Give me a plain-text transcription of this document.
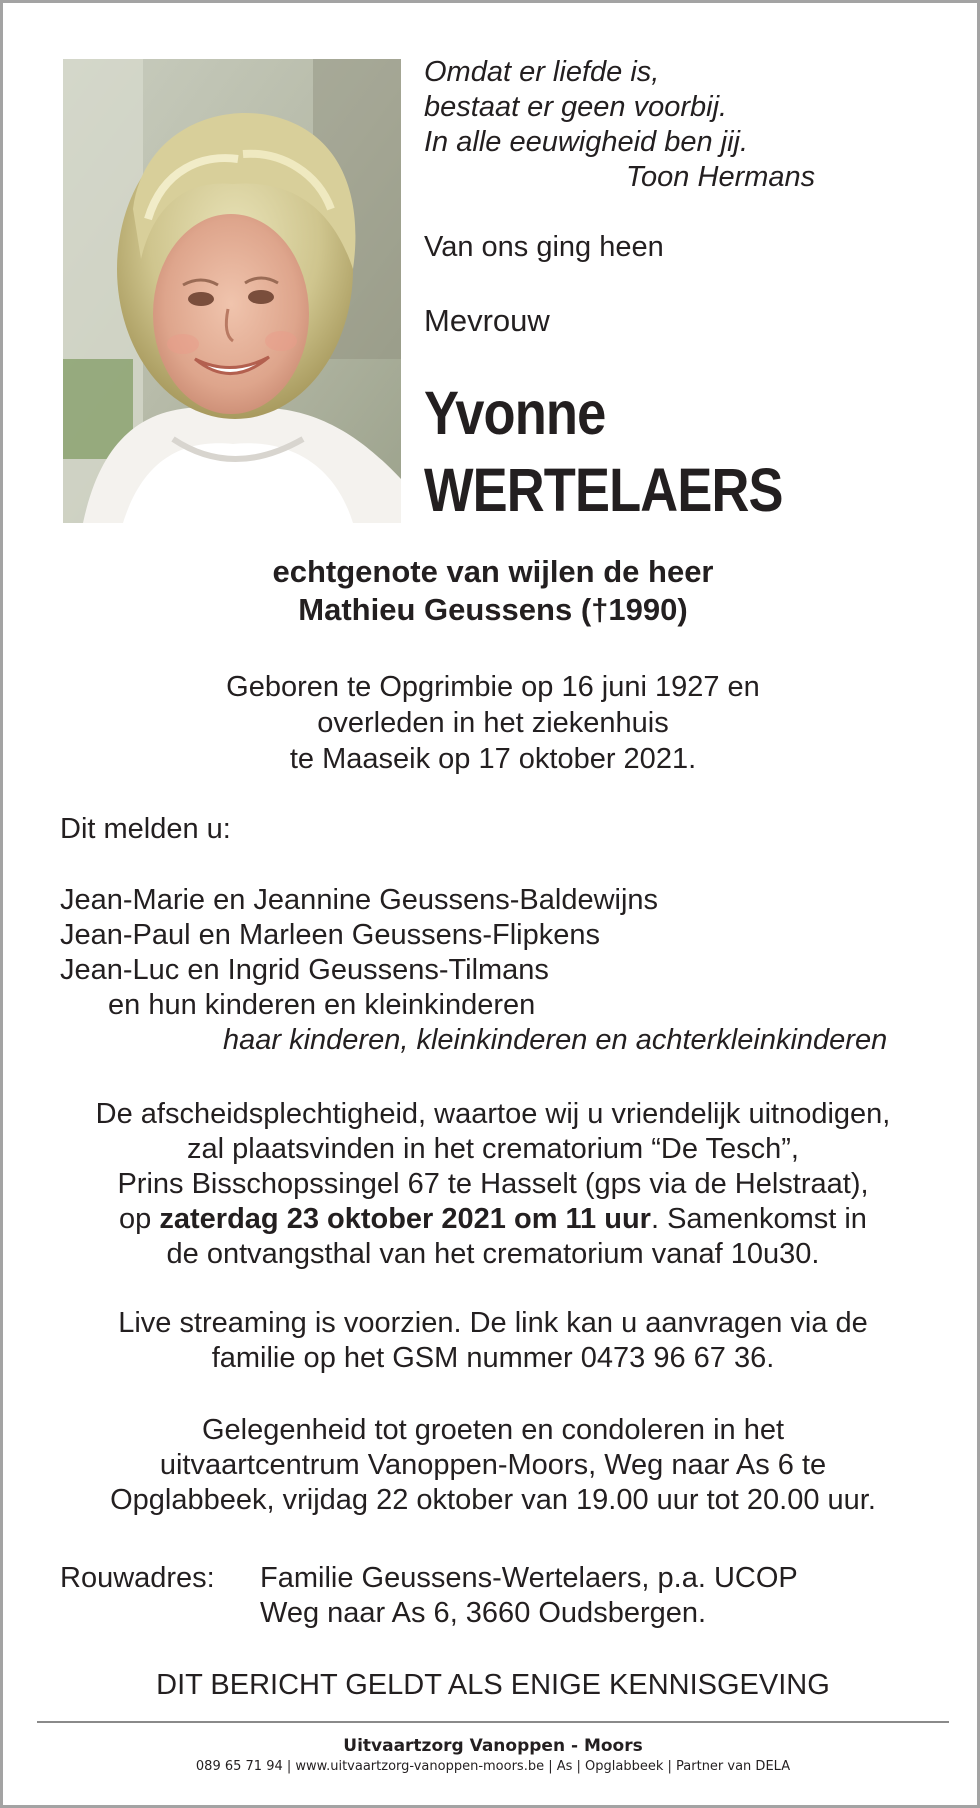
Omdat er liefde is,
bestaat er geen voorbij.
In alle eeuwigheid ben jij.
Toon Hermans
Van ons ging heen
Mevrouw
Yvonne
WERTELAERS
echtgenote van wijlen de heer
Mathieu Geussens (†1990)
Geboren te Opgrimbie op 16 juni 1927 en
overleden in het ziekenhuis
te Maaseik op 17 oktober 2021.
Dit melden u:
Jean-Marie en Jeannine Geussens-Baldewijns
Jean-Paul en Marleen Geussens-Flipkens
Jean-Luc en Ingrid Geussens-Tilmans
en hun kinderen en kleinkinderen
haar kinderen, kleinkinderen en achterkleinkinderen
De afscheidsplechtigheid, waartoe wij u vriendelijk uitnodigen,
zal plaatsvinden in het crematorium “De Tesch”,
Prins Bisschopssingel 67 te Hasselt (gps via de Helstraat),
op zaterdag 23 oktober 2021 om 11 uur. Samenkomst in
de ontvangsthal van het crematorium vanaf 10u30.
Live streaming is voorzien. De link kan u aanvragen via de
familie op het GSM nummer 0473 96 67 36.
Gelegenheid tot groeten en condoleren in het
uitvaartcentrum Vanoppen-Moors, Weg naar As 6 te
Opglabbeek, vrijdag 22 oktober van 19.00 uur tot 20.00 uur.
Rouwadres: Familie Geussens-Wertelaers, p.a. UCOP
Weg naar As 6, 3660 Oudsbergen.
DIT BERICHT GELDT ALS ENIGE KENNISGEVING
Uitvaartzorg Vanoppen - Moors
089 65 71 94 | www.uitvaartzorg-vanoppen-moors.be | As | Opglabbeek | Partner van DELA
